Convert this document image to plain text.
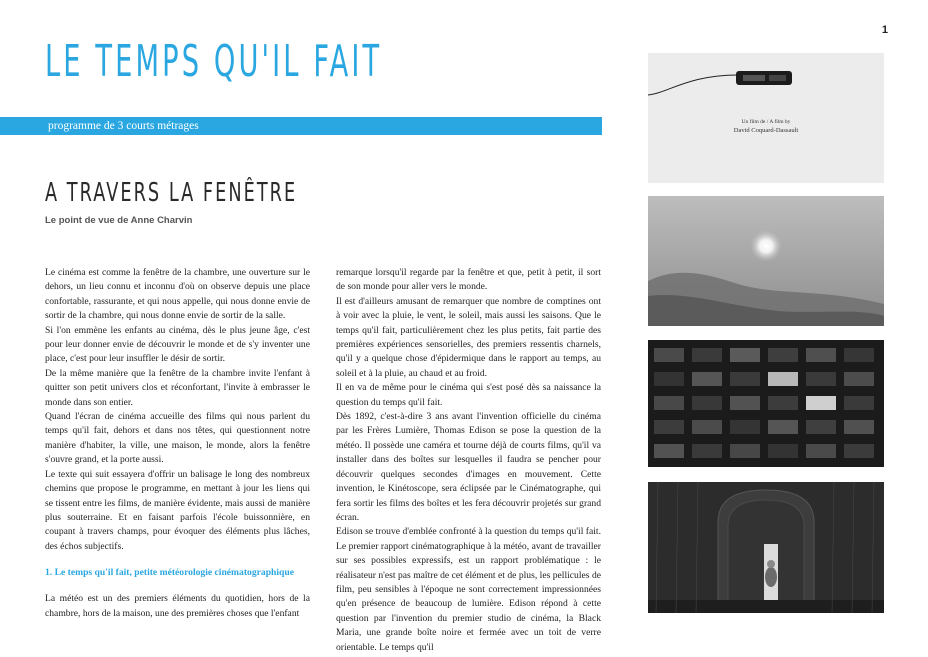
1
LE TEMPS QU'IL FAIT
programme de 3 courts métrages
A TRAVERS LA FENÊTRE
Le point de vue de Anne Charvin

Le cinéma est comme la fenêtre de la chambre, une ouverture sur le dehors, un lieu connu et inconnu d'où on observe depuis une place confortable, rassurante, et qui nous appelle, qui nous donne envie de sortir de la chambre, qui nous donne envie de sortir de la salle.

Si l'on emmène les enfants au cinéma, dès le plus jeune âge, c'est pour leur donner envie de découvrir le monde et de s'y inventer une place, c'est pour leur insuffler le désir de sortir.

De la même manière que la fenêtre de la chambre invite l'enfant à quitter son petit univers clos et réconfortant, l'invite à embrasser le monde dans son entier.

Quand l'écran de cinéma accueille des films qui nous parlent du temps qu'il fait, dehors et dans nos têtes, qui questionnent notre manière d'habiter, la ville, une maison, le monde, alors la fenêtre s'ouvre grand, et la porte aussi.

Le texte qui suit essayera d'offrir un balisage le long des nombreux chemins que propose le programme, en mettant à jour les liens qui se tissent entre les films, de manière évidente, mais aussi de manière plus souterraine. Et en faisant parfois l'école buissonnière, en coupant à travers champs, pour évoquer des éléments plus lâches, des échos subjectifs.

1. Le temps qu'il fait, petite météorologie cinématographique

La météo est un des premiers éléments du quotidien, hors de la chambre, hors de la maison, une des premières choses que l'enfant

remarque lorsqu'il regarde par la fenêtre et que, petit à petit, il sort de son monde pour aller vers le monde.

Il est d'ailleurs amusant de remarquer que nombre de comptines ont à voir avec la pluie, le vent, le soleil, mais aussi les saisons. Que le temps qu'il fait, particulièrement chez les plus petits, fait partie des premières expériences sensorielles, des premiers ressentis charnels, qu'il y a quelque chose d'épidermique dans le rapport au temps, au soleil et à la pluie, au chaud et au froid.

Il en va de même pour le cinéma qui s'est posé dès sa naissance la question du temps qu'il fait.

Dès 1892, c'est-à-dire 3 ans avant l'invention officielle du cinéma par les Frères Lumière, Thomas Edison se pose la question de la météo. Il possède une caméra et tourne déjà de courts films, qu'il va installer dans des boîtes sur lesquelles il faudra se pencher pour découvrir quelques secondes d'images en mouvement. Cette invention, le Kinétoscope, sera éclipsée par le Cinématographe, qui fera sortir les films des boîtes et les fera découvrir projetés sur grand écran.

Edison se trouve d'emblée confronté à la question du temps qu'il fait. Le premier rapport cinématographique à la météo, avant de travailler sur ses possibles expressifs, est un rapport problématique : le réalisateur n'est pas maître de cet élément et de plus, les pellicules de film, peu sensibles à l'époque ne sont correctement impressionnées qu'en présence de beaucoup de lumière. Edison répond à cette question par l'invention du premier studio de cinéma, la Black Maria, une grande boîte noire et fermée avec un toit de verre orientable. Le temps qu'il

Un film de / A film by
David Coquard-Dassault
